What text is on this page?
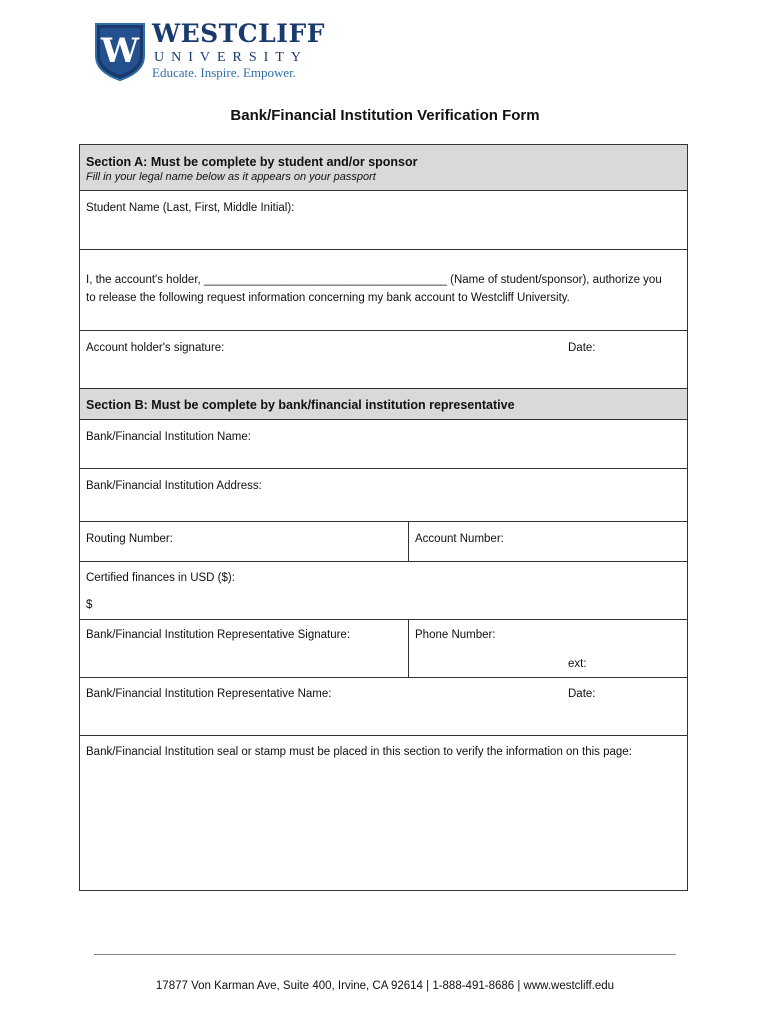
W WESTCLIFF
UNIVERSITY
Educate. Inspire. Empower.
Bank/Financial Institution Verification Form
Section A: Must be complete by student and/or sponsor
Fill in your legal name below as it appears on your passport
Student Name (Last, First, Middle Initial):
I, the account's holder, ______________________________________ (Name of student/sponsor), authorize you to release the following request information concerning my bank account to Westcliff University.
Account holder's signature:	Date:
Section B: Must be complete by bank/financial institution representative
Bank/Financial Institution Name:
Bank/Financial Institution Address:
Routing Number:	Account Number:
Certified finances in USD ($):
$
Bank/Financial Institution Representative Signature:	Phone Number:
ext:
Bank/Financial Institution Representative Name:	Date:
Bank/Financial Institution seal or stamp must be placed in this section to verify the information on this page:
17877 Von Karman Ave, Suite 400, Irvine, CA 92614 | 1-888-491-8686 | www.westcliff.edu
